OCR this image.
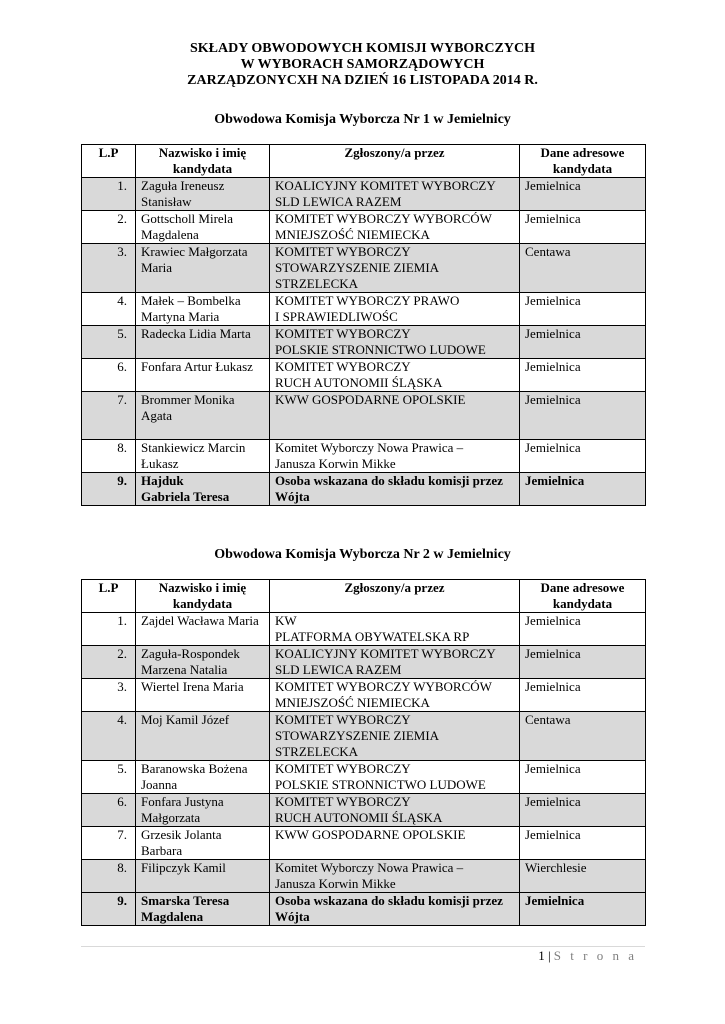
SKŁADY OBWODOWYCH KOMISJI WYBORCZYCH
W WYBORACH SAMORZĄDOWYCH
ZARZĄDZONYCXH NA DZIEŃ 16 LISTOPADA 2014 R.
Obwodowa Komisja Wyborcza Nr 1 w Jemielnicy
L.P	Nazwisko i imię kandydata	Zgłoszony/a przez	Dane adresowe kandydata
1.	Zaguła Ireneusz
Stanisław	KOALICYJNY KOMITET WYBORCZY
SLD LEWICA RAZEM	Jemielnica
2.	Gottscholl Mirela
Magdalena	KOMITET WYBORCZY WYBORCÓW
MNIEJSZOŚĆ NIEMIECKA	Jemielnica
3.	Krawiec Małgorzata
Maria	KOMITET WYBORCZY
STOWARZYSZENIE ZIEMIA
STRZELECKA	Centawa
4.	Małek – Bombelka
Martyna Maria	KOMITET WYBORCZY PRAWO
I SPRAWIEDLIWOŚC	Jemielnica
5.	Radecka Lidia Marta	KOMITET WYBORCZY
POLSKIE STRONNICTWO LUDOWE	Jemielnica
6.	Fonfara Artur Łukasz	KOMITET WYBORCZY
RUCH AUTONOMII ŚLĄSKA	Jemielnica
7.	Brommer Monika
Agata	KWW GOSPODARNE OPOLSKIE	Jemielnica
8.	Stankiewicz Marcin
Łukasz	Komitet Wyborczy Nowa Prawica –
Janusza Korwin Mikke	Jemielnica
9.	Hajduk
Gabriela Teresa	Osoba wskazana do składu komisji przez
Wójta	Jemielnica
Obwodowa Komisja Wyborcza Nr 2 w Jemielnicy
L.P	Nazwisko i imię kandydata	Zgłoszony/a przez	Dane adresowe kandydata
1.	Zajdel Wacława Maria	KW
PLATFORMA OBYWATELSKA RP	Jemielnica
2.	Zaguła-Rospondek
Marzena Natalia	KOALICYJNY KOMITET WYBORCZY
SLD LEWICA RAZEM	Jemielnica
3.	Wiertel Irena Maria	KOMITET WYBORCZY WYBORCÓW
MNIEJSZOŚĆ NIEMIECKA	Jemielnica
4.	Moj Kamil Józef	KOMITET WYBORCZY
STOWARZYSZENIE ZIEMIA
STRZELECKA	Centawa
5.	Baranowska Bożena
Joanna	KOMITET WYBORCZY
POLSKIE STRONNICTWO LUDOWE	Jemielnica
6.	Fonfara Justyna
Małgorzata	KOMITET WYBORCZY
RUCH AUTONOMII ŚLĄSKA	Jemielnica
7.	Grzesik Jolanta
Barbara	KWW GOSPODARNE OPOLSKIE	Jemielnica
8.	Filipczyk Kamil	Komitet Wyborczy Nowa Prawica –
Janusza Korwin Mikke	Wierchlesie
9.	Smarska Teresa
Magdalena	Osoba wskazana do składu komisji przez
Wójta	Jemielnica
1 | S t r o n a
